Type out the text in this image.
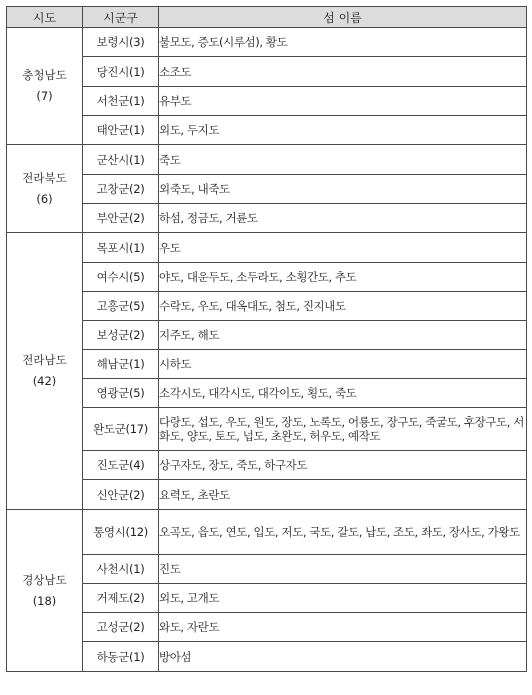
시도	시군구	섬 이름

충청남도
(7)	보령시(3)	불모도, 증도(시루섬), 황도
	당진시(1)	소조도
	서천군(1)	유부도
	태안군(1)	외도, 두지도

전라북도
(6)	군산시(1)	죽도
	고창군(2)	외죽도, 내죽도
	부안군(2)	하섬, 정금도, 거륜도

전라남도
(42)	목포시(1)	우도
	여수시(5)	야도, 대운두도, 소두라도, 소횡간도, 추도
	고흥군(5)	수락도, 우도, 대옥대도, 첨도, 진지내도
	보성군(2)	지주도, 해도
	해남군(1)	시하도
	영광군(5)	소각시도, 대각시도, 대각이도, 횡도, 죽도
	완도군(17)	다랑도, 섭도, 우도, 원도, 장도, 노록도, 어룡도, 장구도, 죽굴도, 후장구도, 서화도, 양도, 토도, 넙도, 초완도, 허우도, 예작도
	진도군(4)	상구자도, 장도, 죽도, 하구자도
	신안군(2)	요력도, 초란도

경상남도
(18)	통영시(12)	오곡도, 읍도, 연도, 입도, 저도, 국도, 갈도, 납도, 조도, 좌도, 장사도, 가왕도
	사천시(1)	진도
	거제도(2)	외도, 고개도
	고성군(2)	와도, 자란도
	하동군(1)	방아섬
